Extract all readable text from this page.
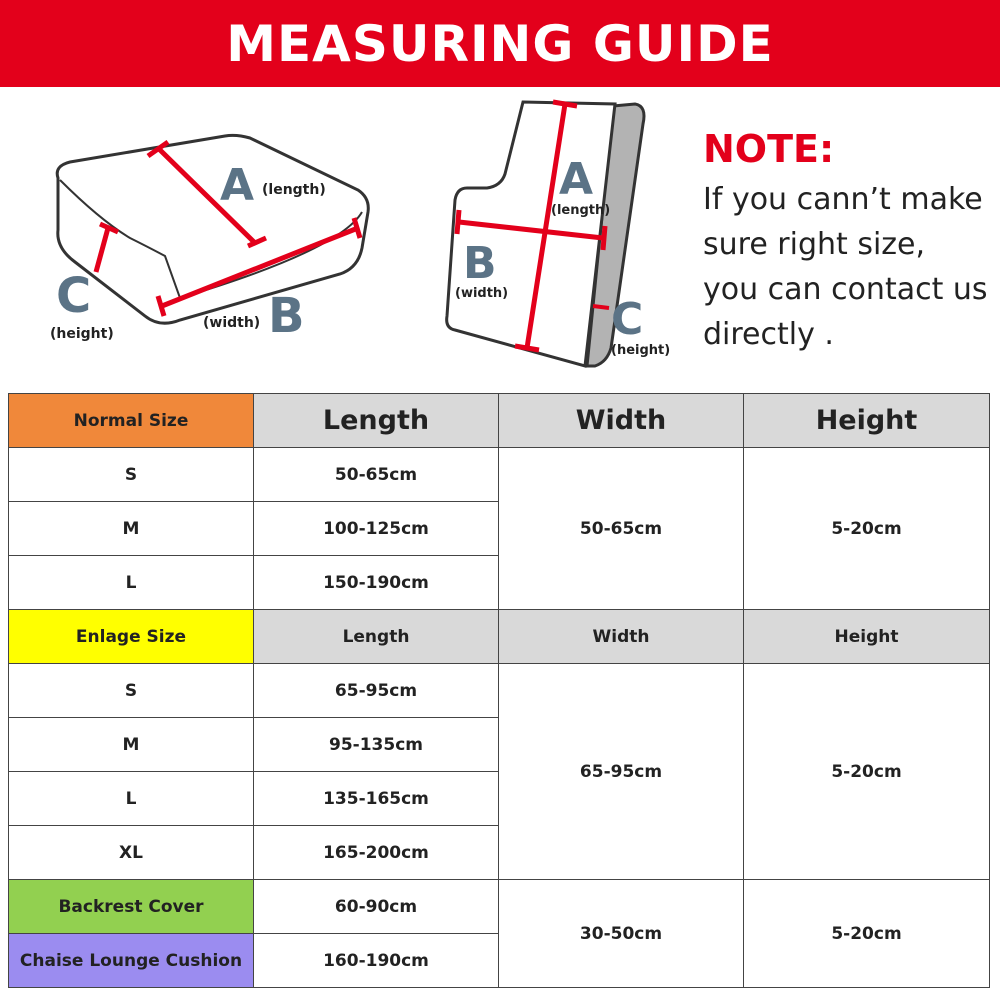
MEASURING GUIDE
A (length)
B
(width)
C
(height)
A
(length)
B
(width)
C
(height)
NOTE:
If you cann’t make
sure right size,
you can contact us
directly .
Normal Size	Length	Width	Height
S	50-65cm	50-65cm	5-20cm
M	100-125cm		
L	150-190cm		
Enlage Size	Length	Width	Height
S	65-95cm	65-95cm	5-20cm
M	95-135cm		
L	135-165cm		
XL	165-200cm		
Backrest Cover	60-90cm	30-50cm	5-20cm
Chaise Lounge Cushion	160-190cm		
